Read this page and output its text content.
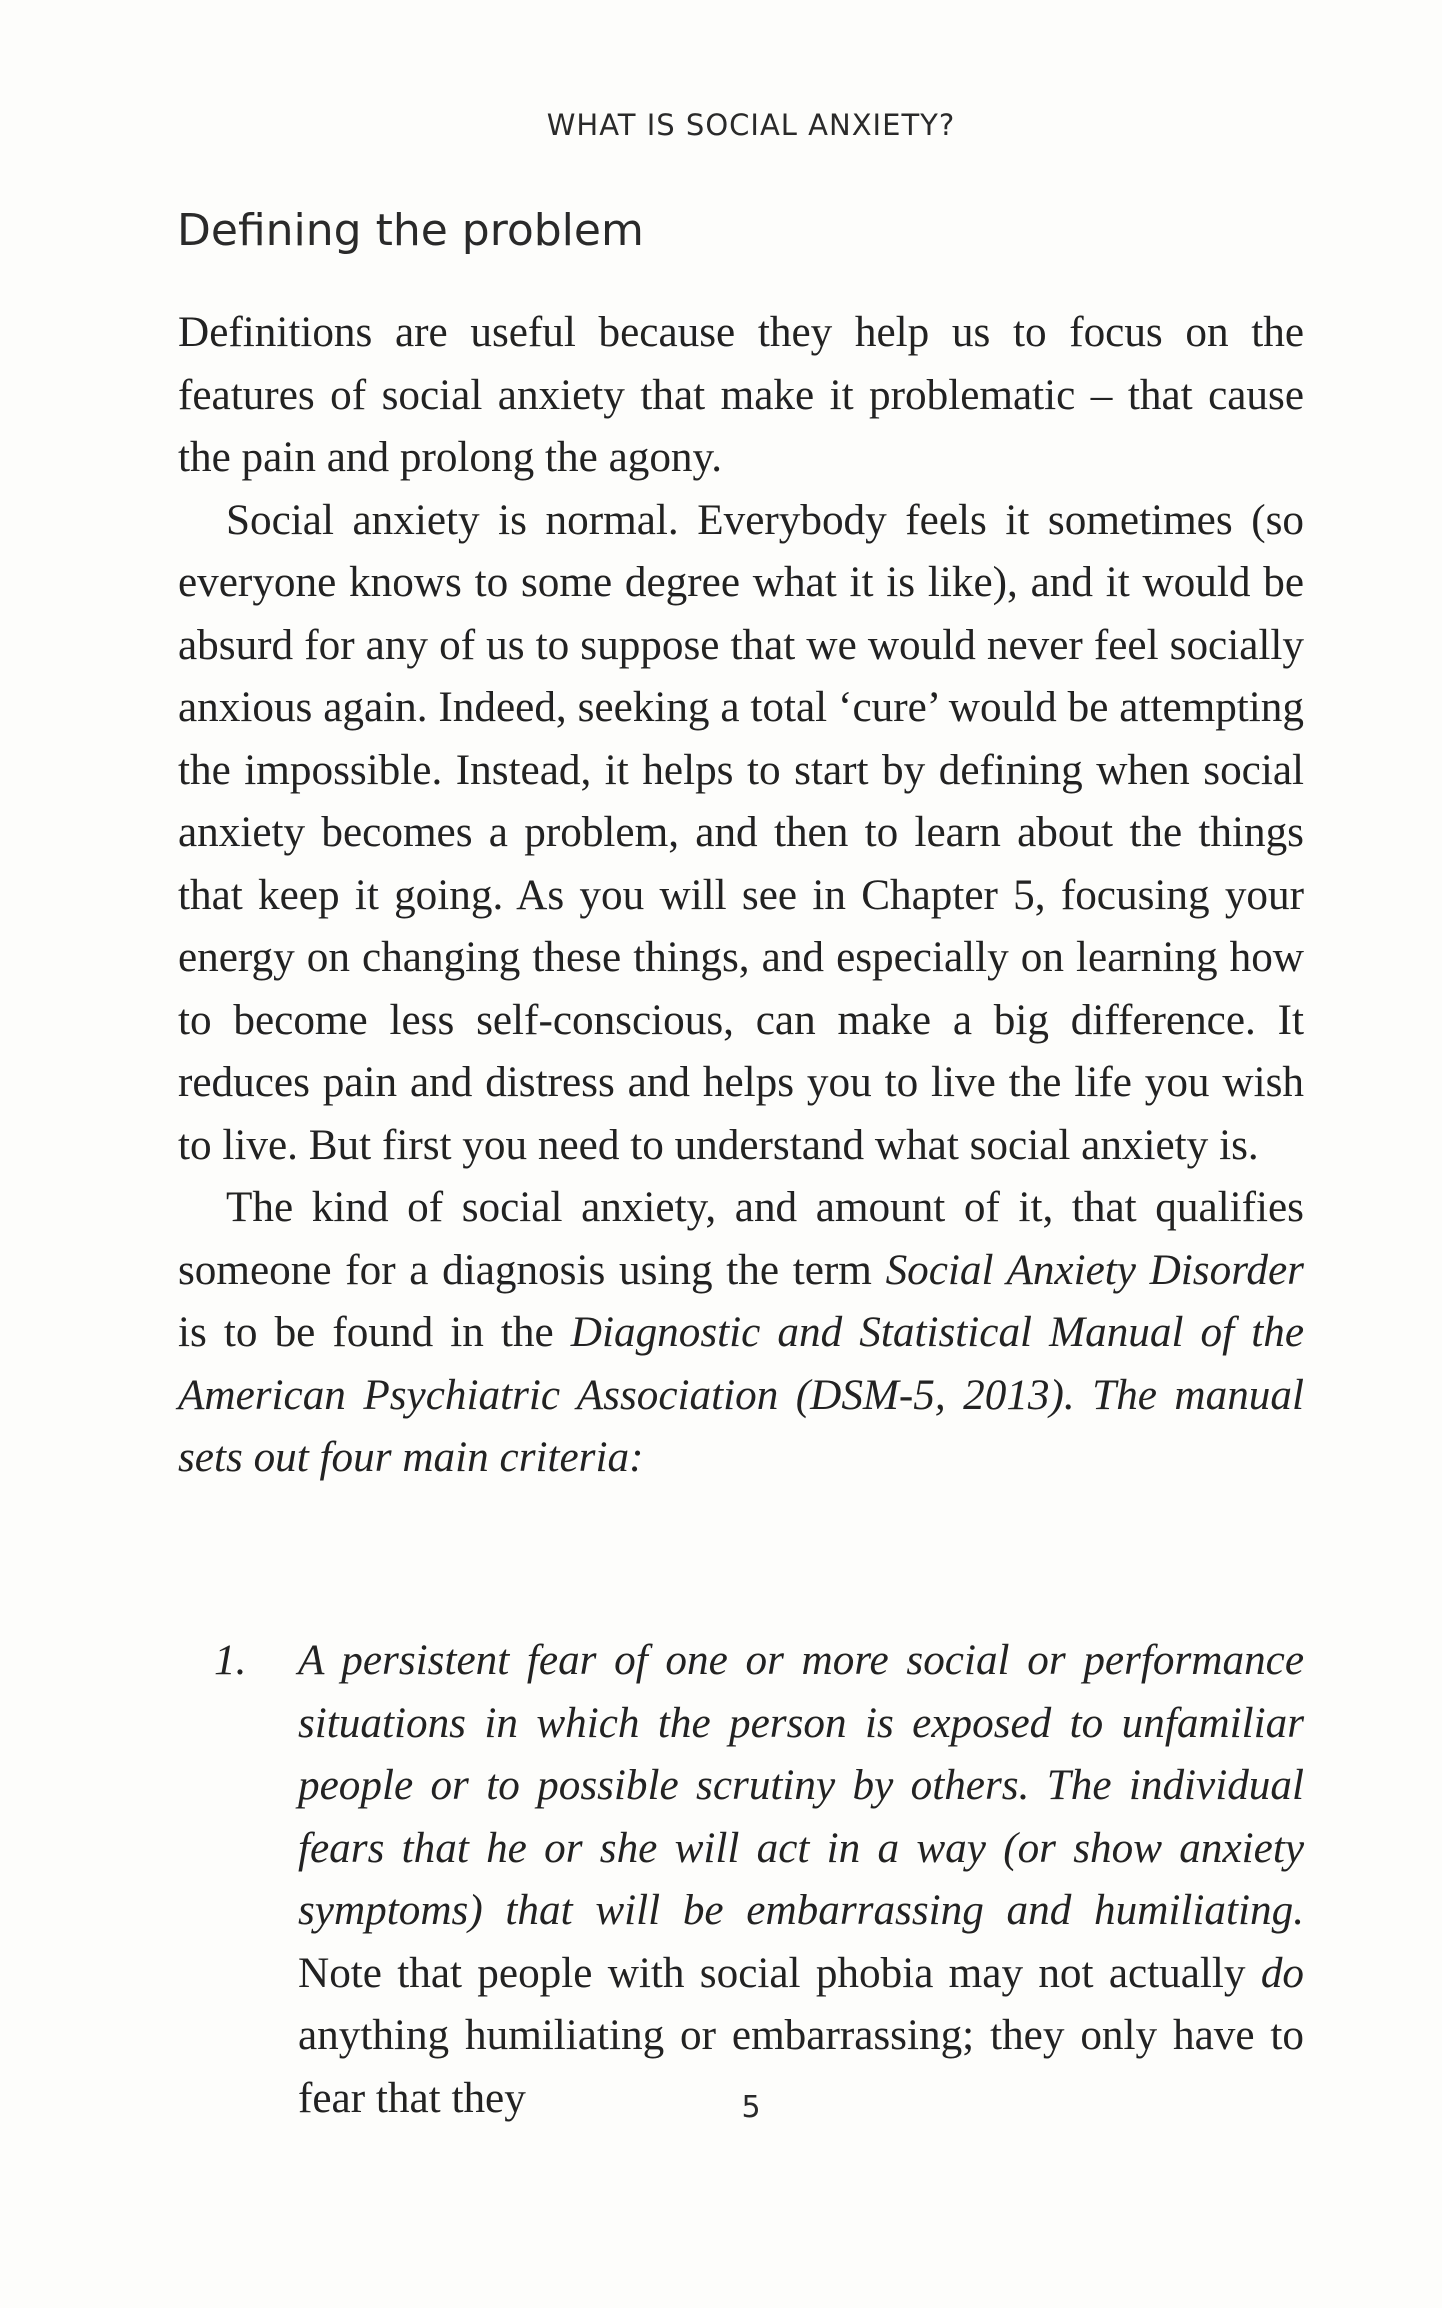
WHAT IS SOCIAL ANXIETY?
Defining the problem

Definitions are useful because they help us to focus on the features of social anxiety that make it problematic – that cause the pain and prolong the agony.

Social anxiety is normal. Everybody feels it sometimes (so everyone knows to some degree what it is like), and it would be absurd for any of us to suppose that we would never feel socially anxious again. Indeed, seeking a total ‘cure’ would be attempting the impossible. Instead, it helps to start by defining when social anxiety becomes a problem, and then to learn about the things that keep it going. As you will see in Chapter 5, focusing your energy on changing these things, and especially on learning how to become less self-conscious, can make a big difference. It reduces pain and distress and helps you to live the life you wish to live. But first you need to understand what social anxiety is.

The kind of social anxiety, and amount of it, that qualifies someone for a diagnosis using the term Social Anxiety Disorder is to be found in the Diagnostic and Statistical Manual of the American Psychiatric Association (DSM-5, 2013). The manual sets out four main criteria:

1. A persistent fear of one or more social or performance situations in which the person is exposed to unfamiliar people or to possible scrutiny by others. The individual fears that he or she will act in a way (or show anxiety symptoms) that will be embarrassing and humiliating. Note that people with social phobia may not actually do anything humiliating or embarrassing; they only have to fear that they	5
